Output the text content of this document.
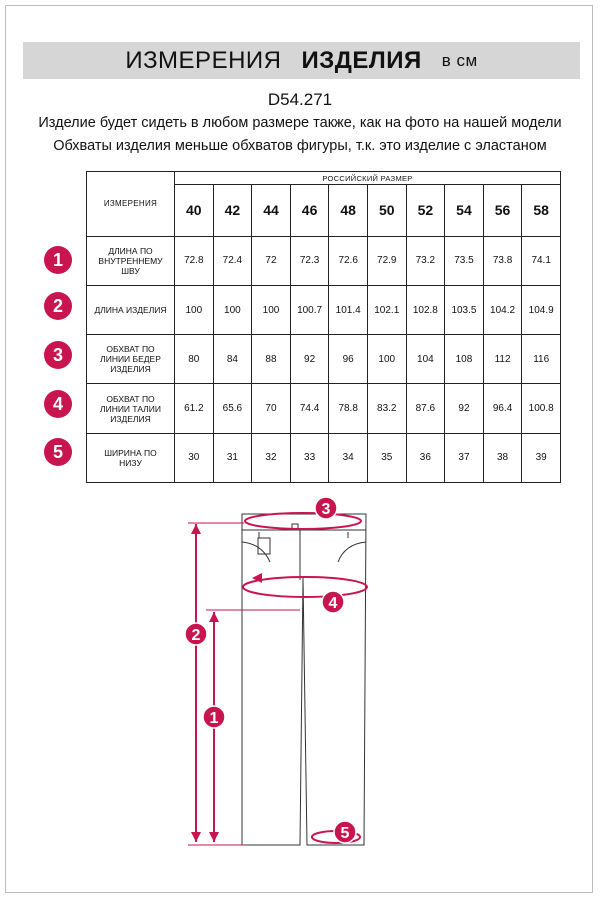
ИЗМЕРЕНИЯ ИЗДЕЛИЯ в см
D54.271
Изделие будет сидеть в любом размере также, как на фото на нашей модели
Обхваты изделия меньше обхватов фигуры, т.к. это изделие с эластаном
ИЗМЕРЕНИЯ	РОССИЙСКИЙ РАЗМЕР									
	40	42	44	46	48	50	52	54	56	58

ДЛИНА ПО
ВНУТРЕННЕМУ
ШВУ	72.8	72.4	72	72.3	72.6	72.9	73.2	73.5	73.8	74.1

ДЛИНА ИЗДЕЛИЯ	100	100	100	100.7	101.4	102.1	102.8	103.5	104.2	104.9

ОБХВАТ ПО
ЛИНИИ БЕДЕР
ИЗДЕЛИЯ	80	84	88	92	96	100	104	108	112	116

ОБХВАТ ПО
ЛИНИИ ТАЛИИ
ИЗДЕЛИЯ	61.2	65.6	70	74.4	78.8	83.2	87.6	92	96.4	100.8

ШИРИНА ПО
НИЗУ	30	31	32	33	34	35	36	37	38	39
1
2
3
4
5
3
4
2
1
5
